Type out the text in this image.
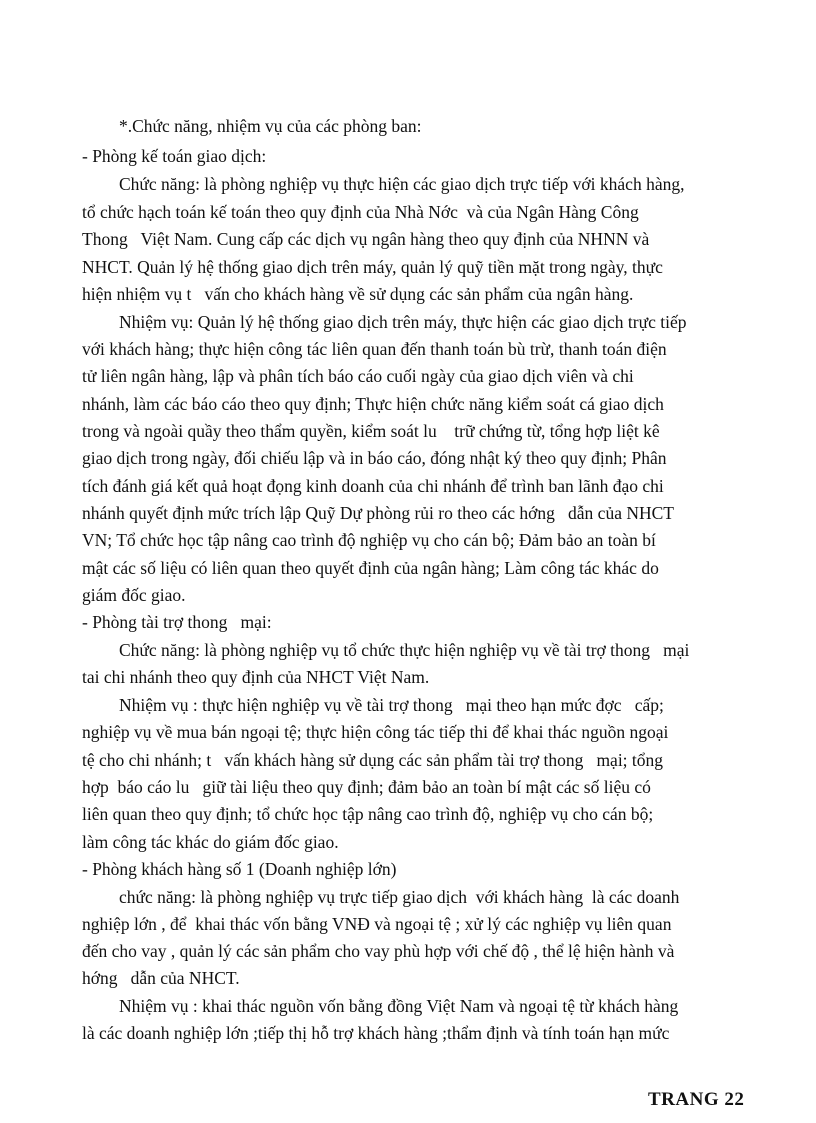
*.Chức năng, nhiệm vụ của các phòng ban:
- Phòng kế toán giao dịch:
Chức năng: là phòng nghiệp vụ thực hiện các giao dịch trực tiếp với khách hàng,
tổ chức hạch toán kế toán theo quy định của Nhà Nớc  và của Ngân Hàng Công
Thong   Việt Nam. Cung cấp các dịch vụ ngân hàng theo quy định của NHNN và
NHCT. Quản lý hệ thống giao dịch trên máy, quản lý quỹ tiền mặt trong ngày, thực
hiện nhiệm vụ t   vấn cho khách hàng về sử dụng các sản phẩm của ngân hàng.
Nhiệm vụ: Quản lý hệ thống giao dịch trên máy, thực hiện các giao dịch trực tiếp
với khách hàng; thực hiện công tác liên quan đến thanh toán bù trừ, thanh toán điện
tử liên ngân hàng, lập và phân tích báo cáo cuối ngày của giao dịch viên và chi
nhánh, làm các báo cáo theo quy định; Thực hiện chức năng kiểm soát cá giao dịch
trong và ngoài quầy theo thẩm quyền, kiểm soát lu    trữ chứng từ, tổng hợp liệt kê
giao dịch trong ngày, đối chiếu lập và in báo cáo, đóng nhật ký theo quy định; Phân
tích đánh giá kết quả hoạt đọng kinh doanh của chi nhánh để trình ban lãnh đạo chi
nhánh quyết định mức trích lập Quỹ Dự phòng rủi ro theo các hớng   dẫn của NHCT
VN; Tổ chức học tập nâng cao trình độ nghiệp vụ cho cán bộ; Đảm bảo an toàn bí
mật các số liệu có liên quan theo quyết định của ngân hàng; Làm công tác khác do
giám đốc giao.
- Phòng tài trợ thong   mại:
Chức năng: là phòng nghiệp vụ tổ chức thực hiện nghiệp vụ về tài trợ thong   mại
tai chi nhánh theo quy định của NHCT Việt Nam.
Nhiệm vụ : thực hiện nghiệp vụ về tài trợ thong   mại theo hạn mức đợc   cấp;
nghiệp vụ về mua bán ngoại tệ; thực hiện công tác tiếp thi để khai thác nguồn ngoại
tệ cho chi nhánh; t   vấn khách hàng sử dụng các sản phẩm tài trợ thong   mại; tổng
hợp  báo cáo lu   giữ tài liệu theo quy định; đảm bảo an toàn bí mật các số liệu có
liên quan theo quy định; tổ chức học tập nâng cao trình độ, nghiệp vụ cho cán bộ;
làm công tác khác do giám đốc giao.
- Phòng khách hàng số 1 (Doanh nghiệp lớn)
chức năng: là phòng nghiệp vụ trực tiếp giao dịch  với khách hàng  là các doanh
nghiệp lớn , để  khai thác vốn bằng VNĐ và ngoại tệ ; xử lý các nghiệp vụ liên quan
đến cho vay , quản lý các sản phẩm cho vay phù hợp với chế độ , thể lệ hiện hành và
hớng   dẫn của NHCT.
Nhiệm vụ : khai thác nguồn vốn bằng đồng Việt Nam và ngoại tệ từ khách hàng
là các doanh nghiệp lớn ;tiếp thị hỗ trợ khách hàng ;thẩm định và tính toán hạn mức
TRANG 22
